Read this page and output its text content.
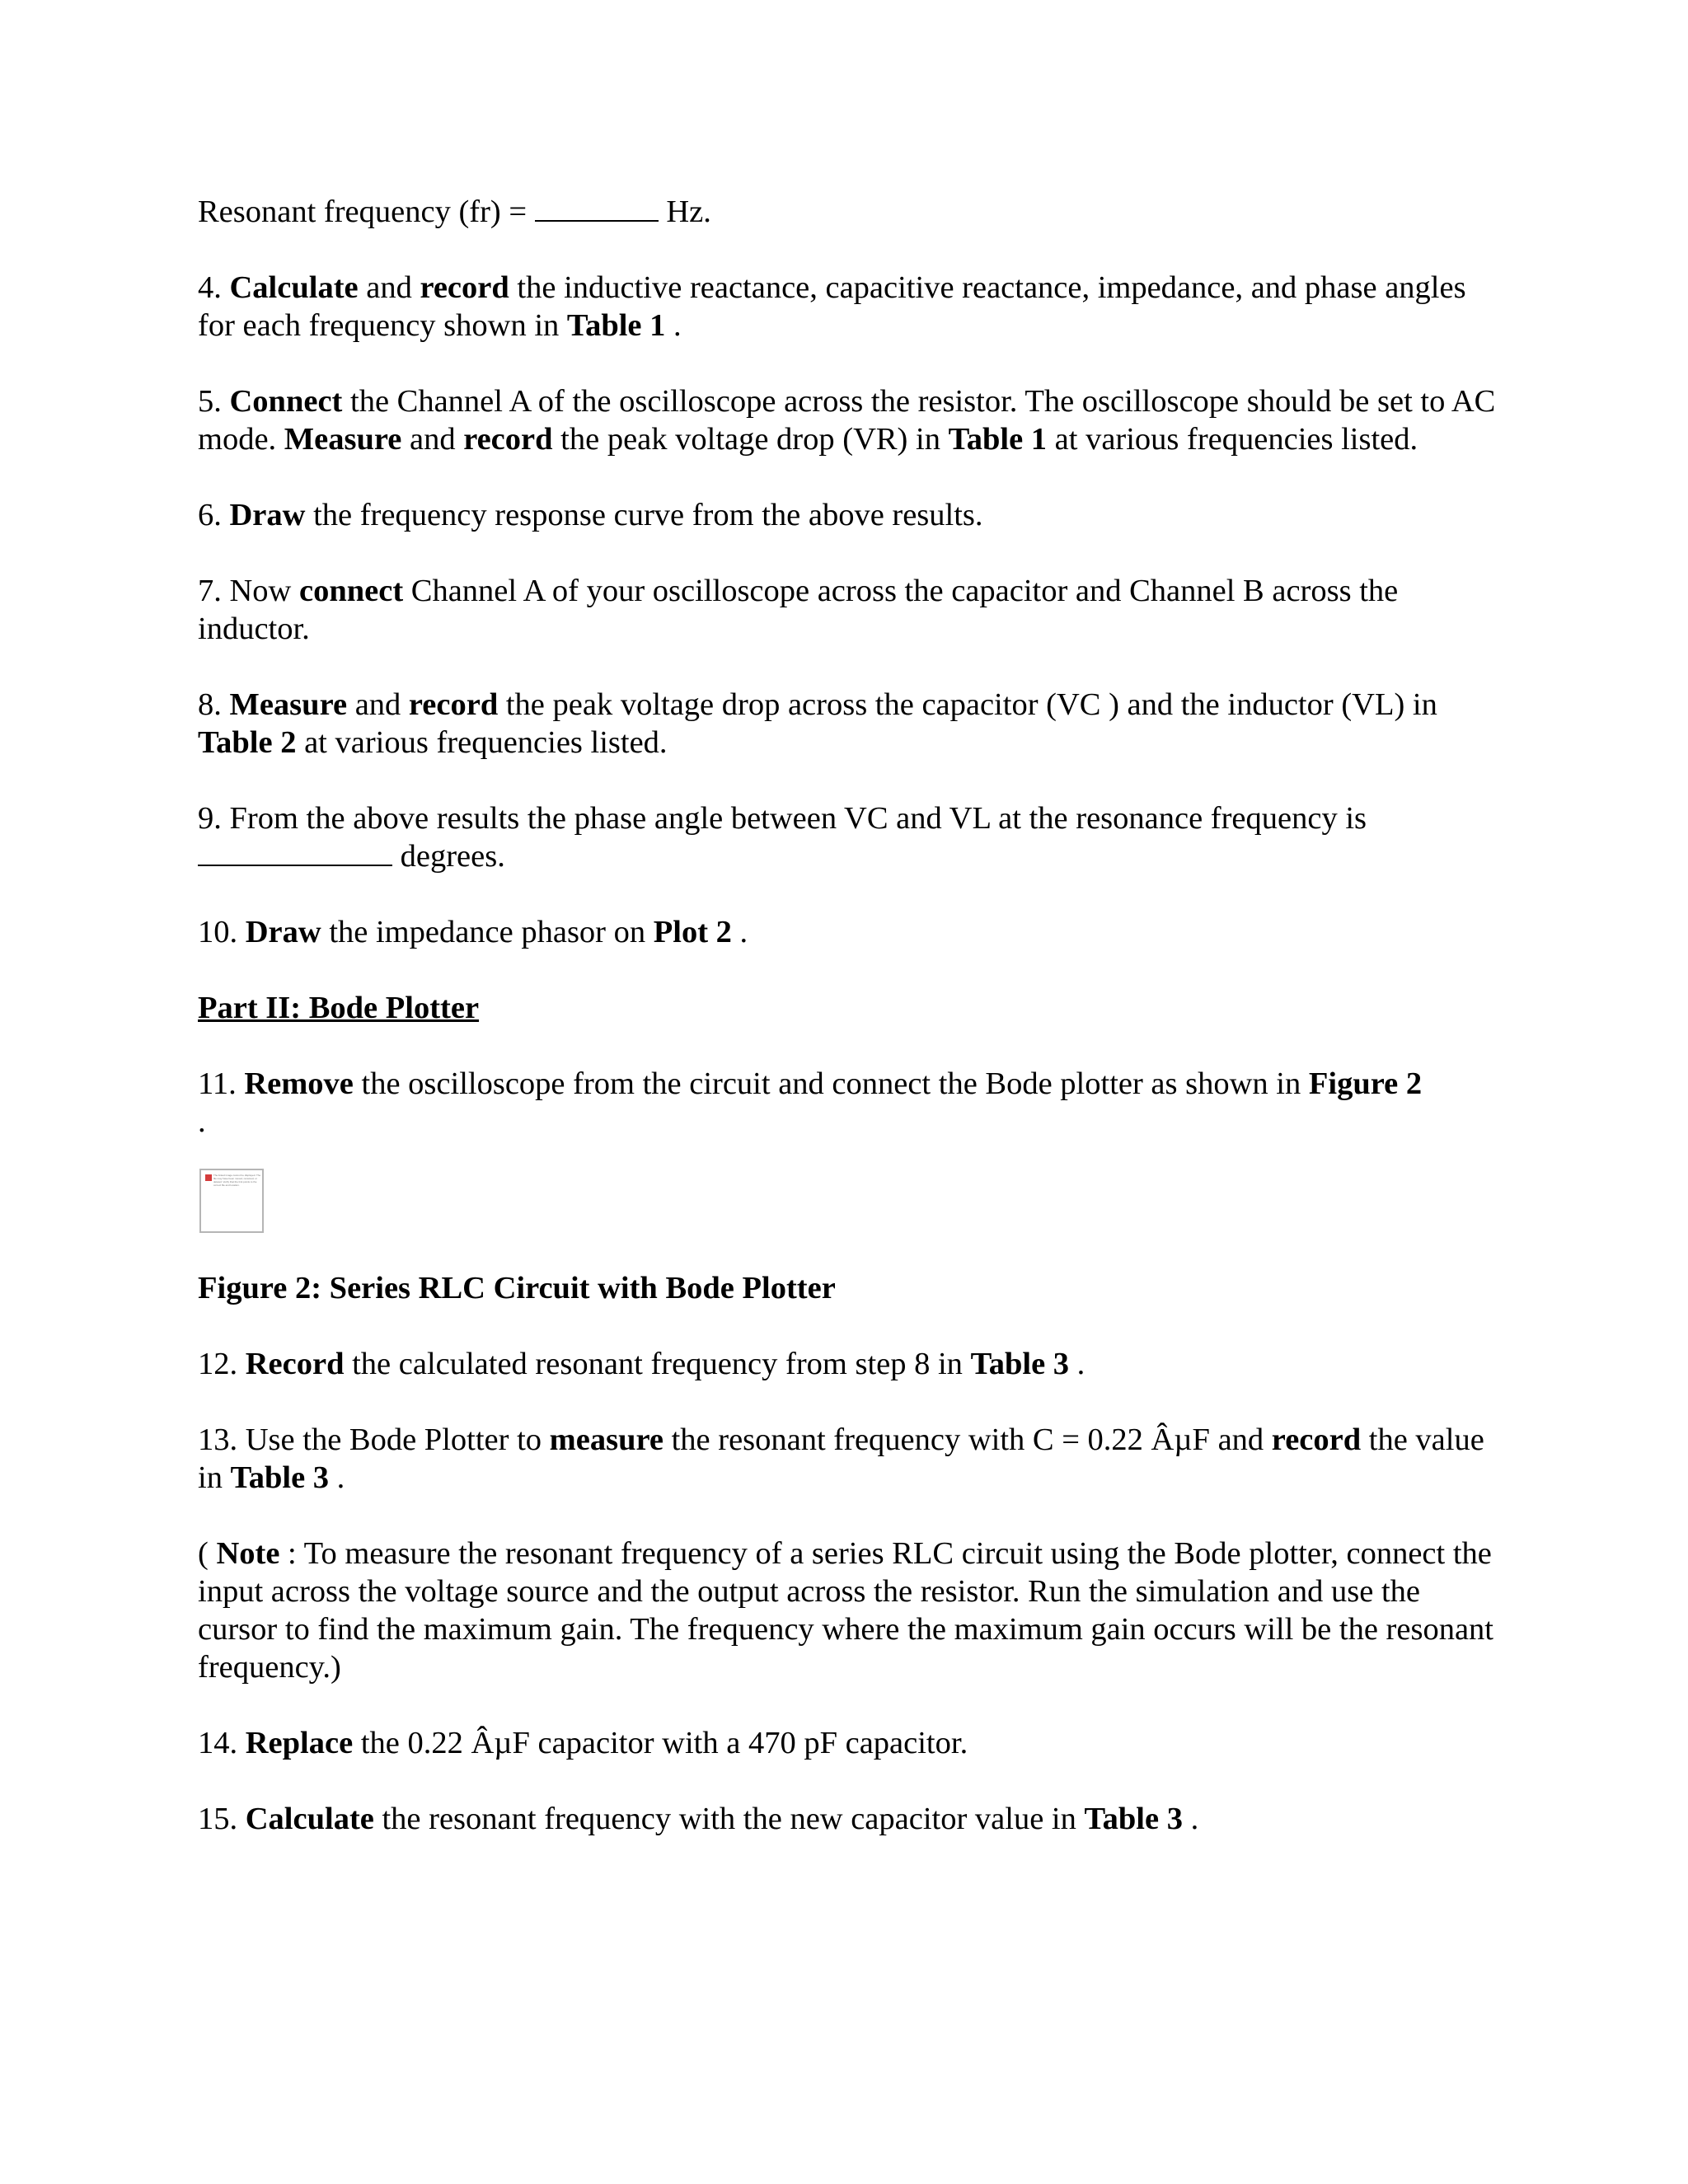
Resonant frequency (fr) =	Hz.

4. Calculate and record the inductive reactance, capacitive reactance, impedance, and phase angles for each frequency shown in Table 1 .

5. Connect the Channel A of the oscilloscope across the resistor. The oscilloscope should be set to AC mode. Measure and record the peak voltage drop (VR) in Table 1 at various frequencies listed.

6. Draw the frequency response curve from the above results.

7. Now connect Channel A of your oscilloscope across the capacitor and Channel B across the inductor.

8. Measure and record the peak voltage drop across the capacitor (VC ) and the inductor (VL) in Table 2 at various frequencies listed.

9. From the above results the phase angle between VC and VL at the resonance frequency is  degrees.

10. Draw the impedance phasor on Plot 2 .

Part II: Bode Plotter

11. Remove the oscilloscope from the circuit and connect the Bode plotter as shown in Figure 2
.

The linked image cannot be displayed. The file may have been moved, renamed, or deleted. Verify that the link points to the correct file and location.

Figure 2: Series RLC Circuit with Bode Plotter

12. Record the calculated resonant frequency from step 8 in Table 3 .

13. Use the Bode Plotter to measure the resonant frequency with C = 0.22 ÂµF and record the value in Table 3 .

( Note : To measure the resonant frequency of a series RLC circuit using the Bode plotter, connect the input across the voltage source and the output across the resistor. Run the simulation and use the cursor to find the maximum gain. The frequency where the maximum gain occurs will be the resonant frequency.)

14. Replace the 0.22 ÂµF capacitor with a 470 pF capacitor.

15. Calculate the resonant frequency with the new capacitor value in Table 3 .
